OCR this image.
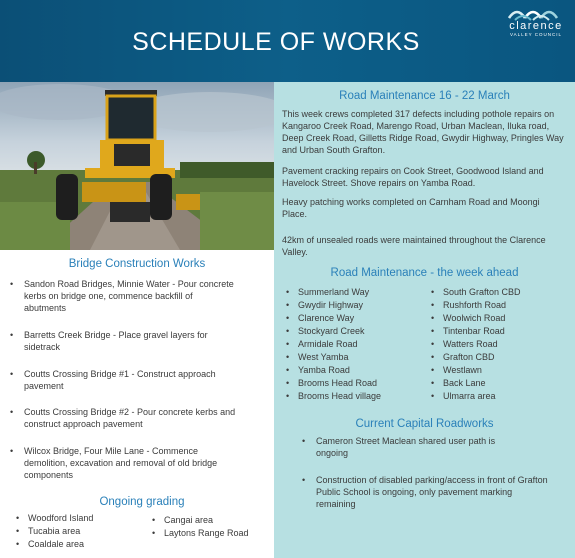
SCHEDULE OF WORKS
clarence
VALLEY COUNCIL
Road Maintenance 16 - 22 March
This week crews completed 317 defects including pothole repairs on Kangaroo Creek Road, Marengo Road, Urban Maclean, Iluka road, Deep Creek Road, Gilletts Ridge Road, Gwydir Highway, Pringles Way and Urban South Grafton.
Pavement cracking repairs on Cook Street, Goodwood Island and Havelock Street. Shove repairs on Yamba Road.
Heavy patching works completed on Carnham Road and Moongi Place.
42km of unsealed roads were maintained throughout the Clarence Valley.
Road Maintenance - the week ahead
• Summerland Way
• Gwydir Highway
• Clarence Way
• Stockyard Creek
• Armidale Road
• West Yamba
• Yamba Road
• Brooms Head Road
• Brooms Head village
• South Grafton CBD
• Rushforth Road
• Woolwich Road
• Tintenbar Road
• Watters Road
• Grafton CBD
• Westlawn
• Back Lane
• Ulmarra area
Current Capital Roadworks
• Cameron Street Maclean shared user path is ongoing
• Construction of disabled parking/access in front of Grafton Public School is ongoing, only pavement marking remaining
Bridge Construction Works
• Sandon Road Bridges, Minnie Water - Pour concrete kerbs on bridge one, commence backfill of abutments
• Barretts Creek Bridge - Place gravel layers for sidetrack
• Coutts Crossing Bridge #1 - Construct approach pavement
• Coutts Crossing Bridge #2 - Pour concrete kerbs and construct approach pavement
• Wilcox Bridge, Four Mile Lane - Commence demolition, excavation and removal of old bridge components
Ongoing grading
• Woodford Island
• Tucabia area
• Coaldale area
• Cangai area
• Laytons Range Road
